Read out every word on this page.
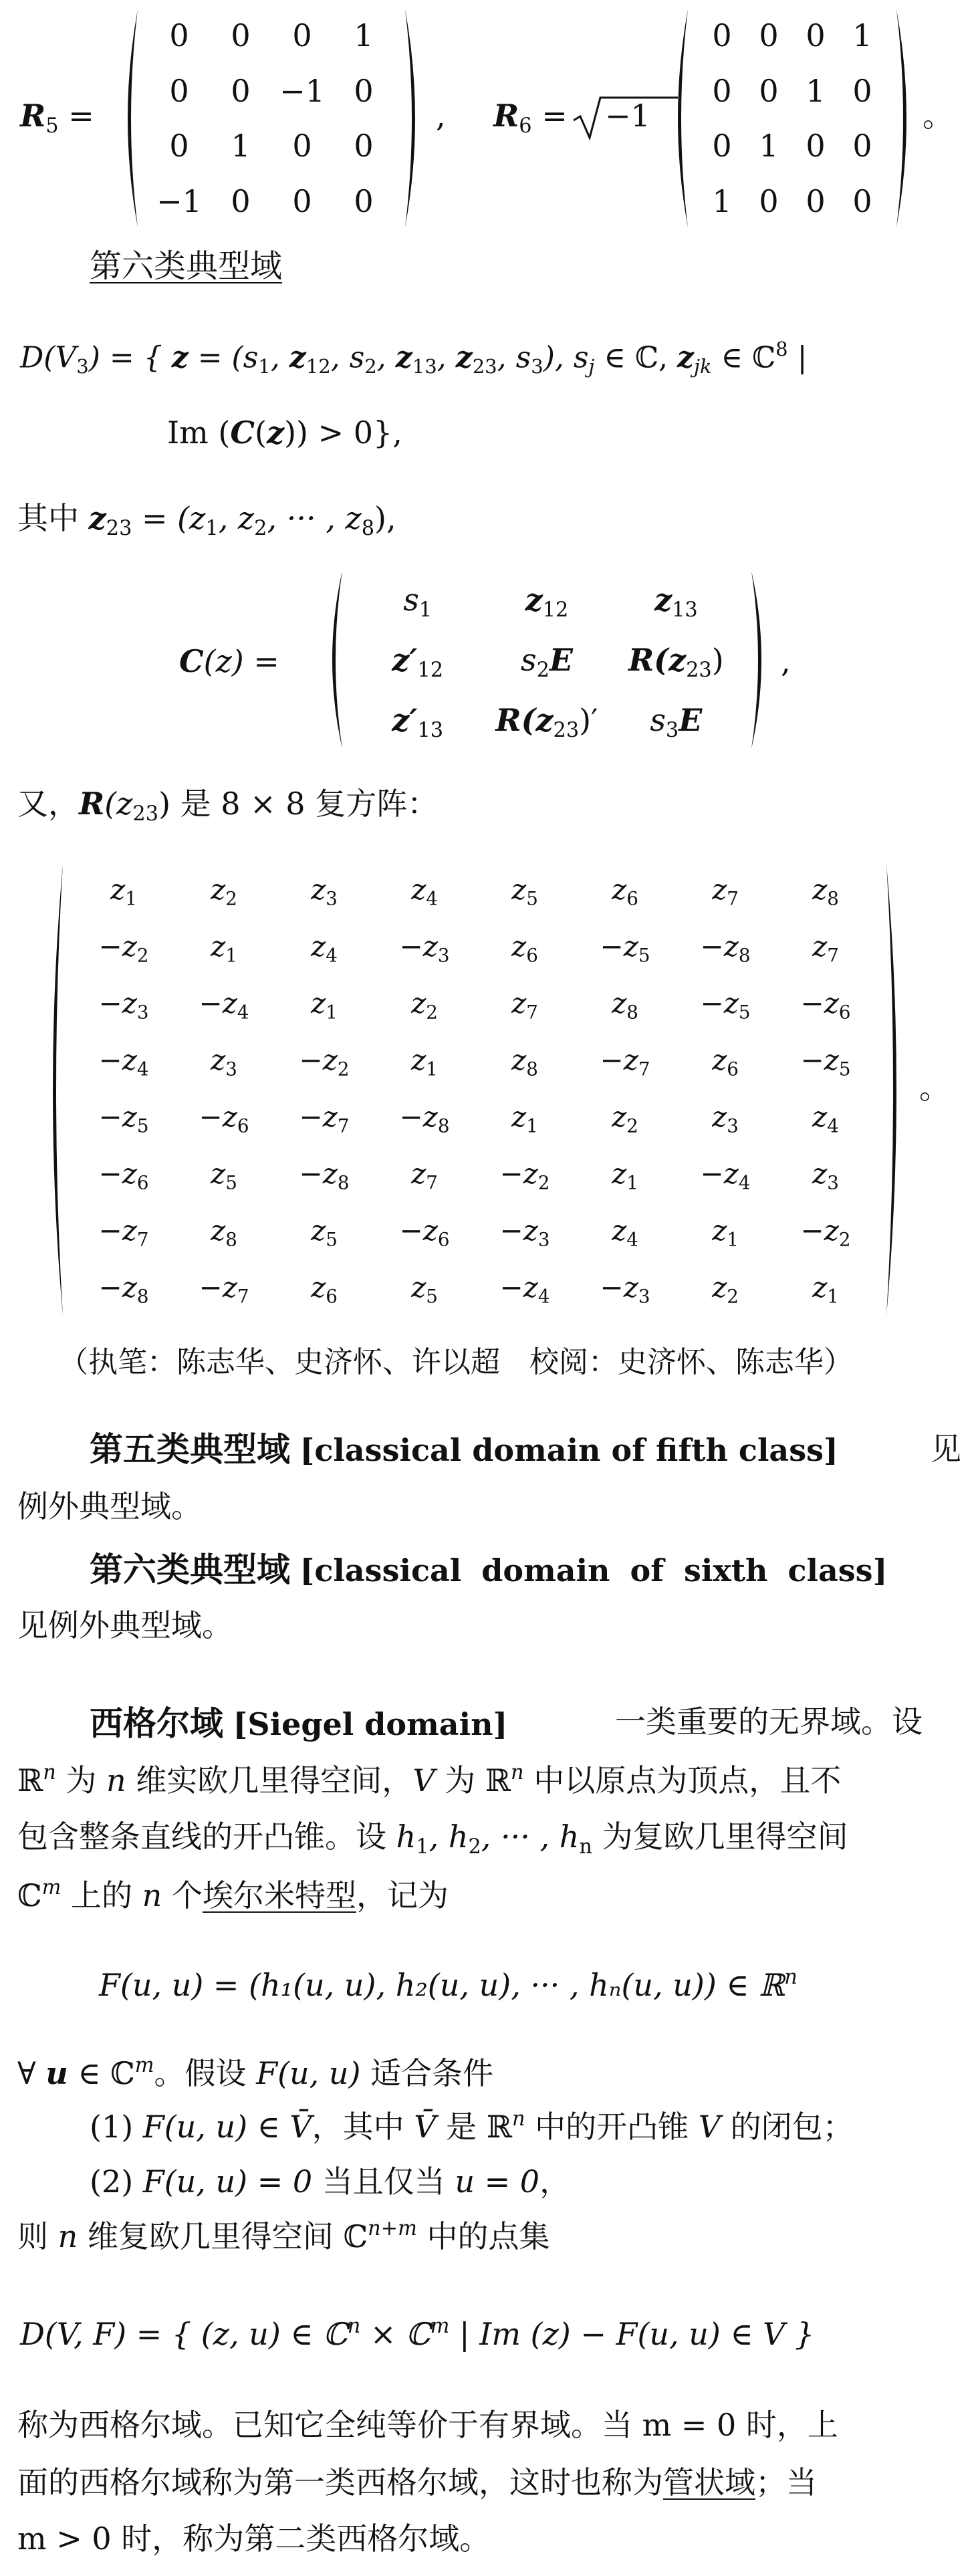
$R_5$ =
0	0	0	1
0	0 −1 0
0	1	0	0
−1 0	0	0
, $R_6 = -1$
0 0 0 1
0 0 1 0
0 1 0 0
1 0 0 0
。
第六类典型域
$D(V_3)$ = { $z = (s_1$, $z_{12}$, $s_2$, $z_{13}$, $z_{23}$, $s_3$), sj ∈ ℂ, zjk ∈ ℂ$^8$ |
Im (C(z)) > 0},
其中 $z_{23} = (z_1$, $z_2$, ··· , $z_8$),
C(z) =
$s_1$	$z_{12}$	$z_{13}$
$z'_{12}$	$s_2E$	$R(z_{23})$
$z'_{13}$	$R(z_{23})'$	$s_3E$
,
又，$R(z_{23})$ 是 8 × 8 复方阵：
$z_1$	$z_2$	$z_3$	$z_4$	$z_5$	$z_6$	$z_7$	$z_8$
$-z_2$	$z_1$	$z_4$	$-z_3$	$z_6$	$-z_5$	$-z_8$	$z_7$
$-z_3$	$-z_4$	$z_1$	$z_2$	$z_7$	$z_8$	$-z_5$	$-z_6$
$-z_4$	$z_3$	$-z_2$	$z_1$	$z_8$	$-z_7$	$z_6$	$-z_5$
$-z_5$	$-z_6$	$-z_7$	$-z_8$	$z_1$	$z_2$	$z_3$	$z_4$
$-z_6$	$z_5$	$-z_8$	$z_7$	$-z_2$	$z_1$	$-z_4$	$z_3$
$-z_7$	$z_8$	$z_5$	$-z_6$	$-z_3$	$z_4$	$z_1$	$-z_2$
$-z_8$	$-z_7$	$z_6$	$z_5$	$-z_4$	$-z_3$	$z_2$	$z_1$
。
（执笔：陈志华、史济怀、许以超　校阅：史济怀、陈志华）
第五类典型域 [classical domain of fifth class]	见
例外典型域。
第六类典型域 [classical domain of sixth class]
见例外典型域。
西格尔域 [Siegel domain]	一类重要的无界域。设
ℝ$^n$ 为 n 维实欧几里得空间，V 为 ℝ$^n$ 中以原点为顶点，且不
包含整条直线的开凸锥。设 $h_1$, $h_2$, ··· , hn 为复欧几里得空间
ℂ$^m$ 上的 n 个埃尔米特型，记为
F(u, u) = (h₁(u, u), h₂(u, u), ··· , hₙ(u, u)) ∈ ℝ$^n$
∀ u ∈ ℂ$^m$。假设 F(u, u) 适合条件
(1) F(u, u) ∈ V̄，其中 V̄ 是 ℝ$^n$ 中的开凸锥 V 的闭包；
(2) F(u, u) = 0 当且仅当 u = 0，
则 n 维复欧几里得空间 ℂ$^{n+m}$ 中的点集
D(V, F) = { (z, u) ∈ ℂ$^n$ × ℂ$^m$ | Im (z) − F(u, u) ∈ V }
称为西格尔域。已知它全纯等价于有界域。当 m = 0 时，上
面的西格尔域称为第一类西格尔域，这时也称为管状域；当
m > 0 时，称为第二类西格尔域。
